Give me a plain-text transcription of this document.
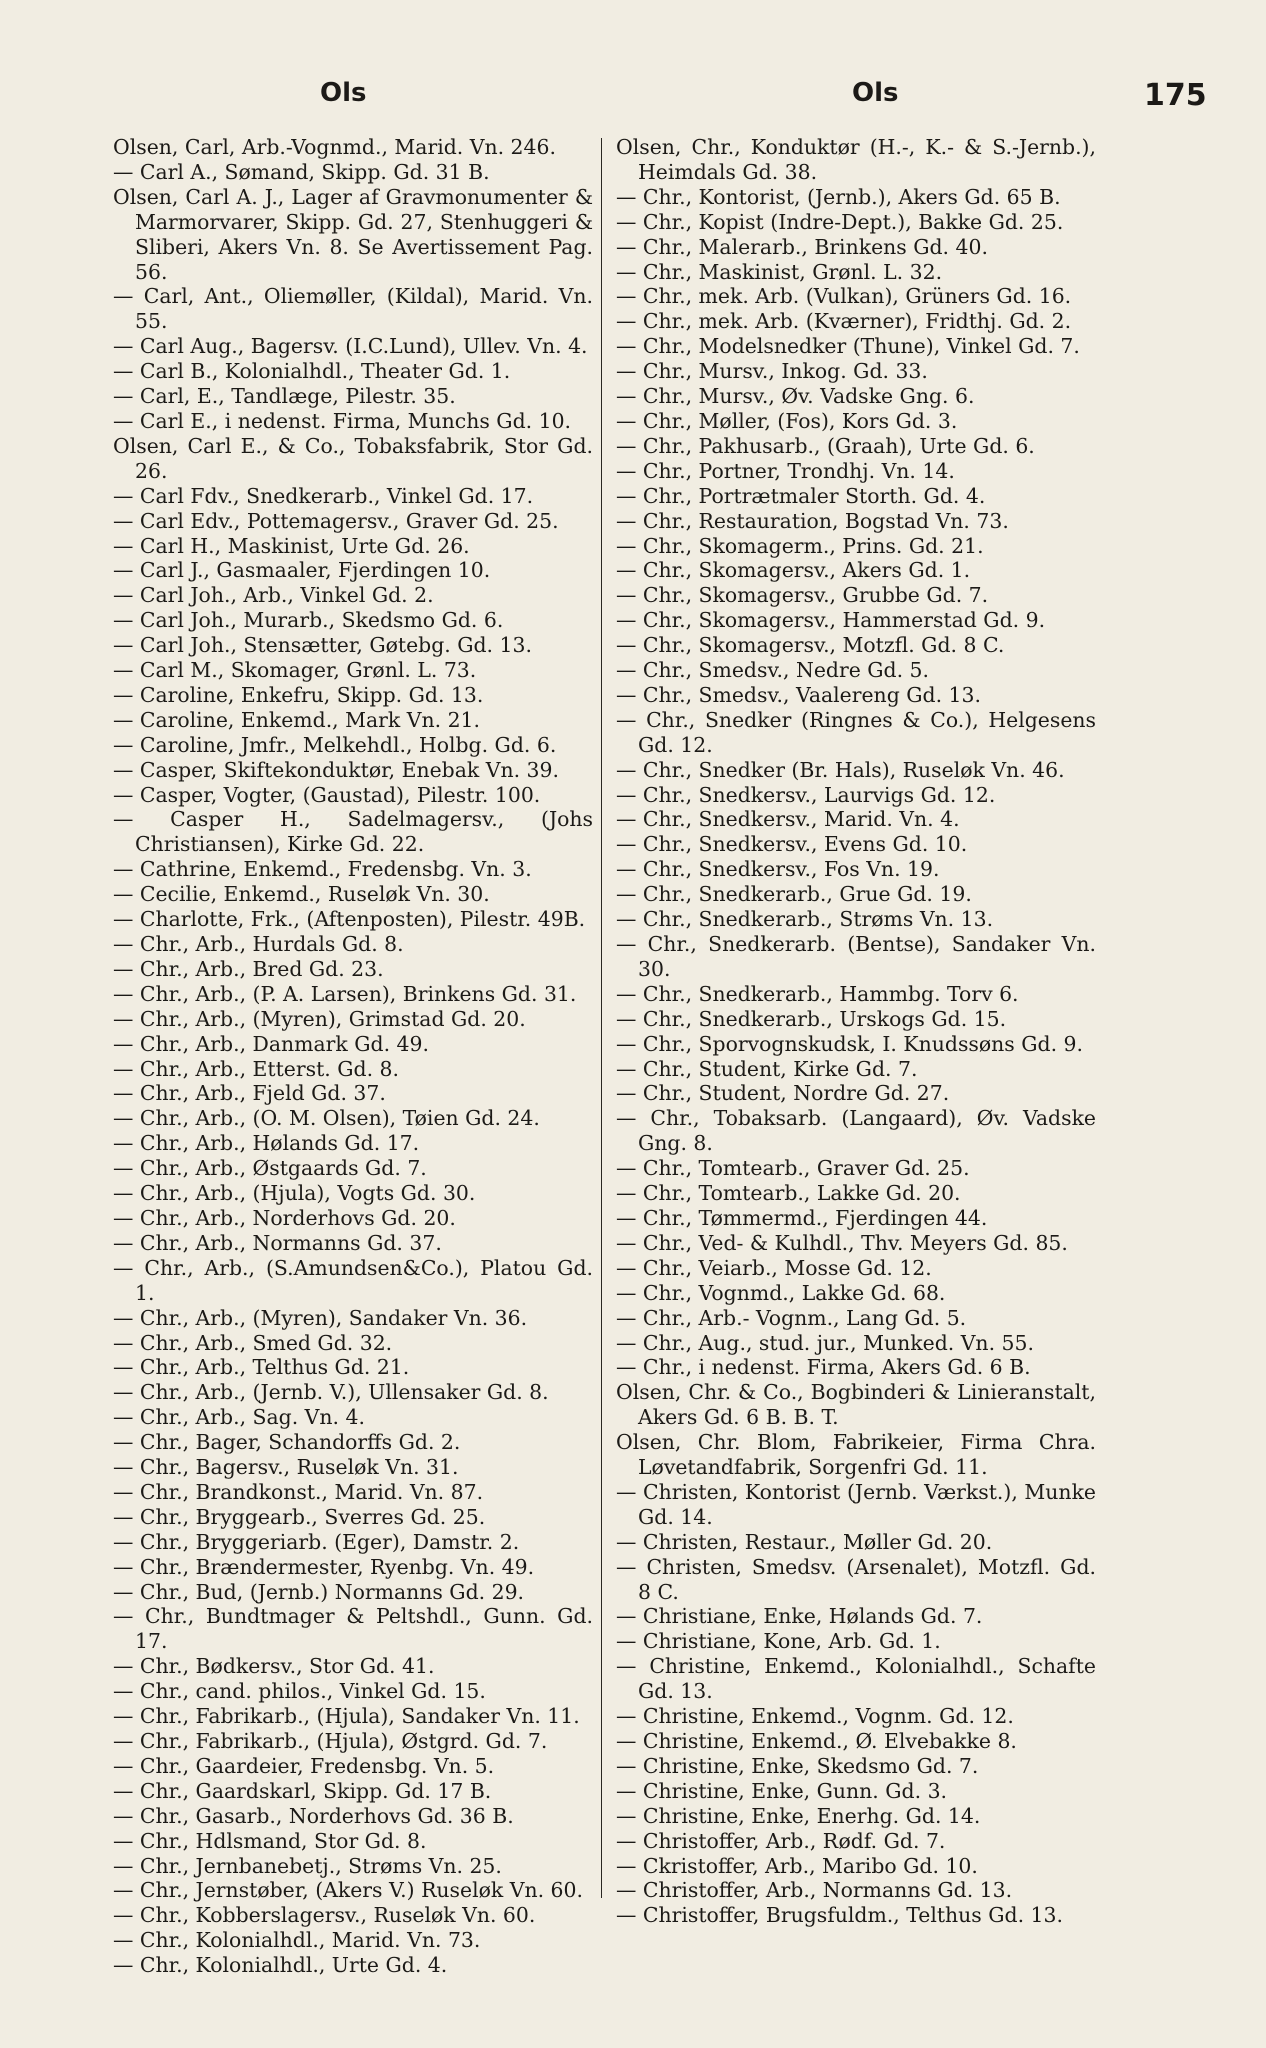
Ols	Ols	175
Olsen, Carl, Arb.-Vognmd., Marid. Vn. 246.
— Carl A., Sømand, Skipp. Gd. 31 B.
Olsen, Carl A. J., Lager af Gravmonumenter & Marmorvarer, Skipp. Gd. 27, Stenhuggeri & Sliberi, Akers Vn. 8. Se Avertissement Pag. 56.
— Carl, Ant., Oliemøller, (Kildal), Marid. Vn. 55.
— Carl Aug., Bagersv. (I.C.Lund), Ullev. Vn. 4.
— Carl B., Kolonialhdl., Theater Gd. 1.
— Carl, E., Tandlæge, Pilestr. 35.
— Carl E., i nedenst. Firma, Munchs Gd. 10.
Olsen, Carl E., & Co., Tobaksfabrik, Stor Gd. 26.
— Carl Fdv., Snedkerarb., Vinkel Gd. 17.
— Carl Edv., Pottemagersv., Graver Gd. 25.
— Carl H., Maskinist, Urte Gd. 26.
— Carl J., Gasmaaler, Fjerdingen 10.
— Carl Joh., Arb., Vinkel Gd. 2.
— Carl Joh., Murarb., Skedsmo Gd. 6.
— Carl Joh., Stensætter, Gøtebg. Gd. 13.
— Carl M., Skomager, Grønl. L. 73.
— Caroline, Enkefru, Skipp. Gd. 13.
— Caroline, Enkemd., Mark Vn. 21.
— Caroline, Jmfr., Melkehdl., Holbg. Gd. 6.
— Casper, Skiftekonduktør, Enebak Vn. 39.
— Casper, Vogter, (Gaustad), Pilestr. 100.
— Casper H., Sadelmagersv., (Johs Christiansen), Kirke Gd. 22.
— Cathrine, Enkemd., Fredensbg. Vn. 3.
— Cecilie, Enkemd., Ruseløk Vn. 30.
— Charlotte, Frk., (Aftenposten), Pilestr. 49B.
— Chr., Arb., Hurdals Gd. 8.
— Chr., Arb., Bred Gd. 23.
— Chr., Arb., (P. A. Larsen), Brinkens Gd. 31.
— Chr., Arb., (Myren), Grimstad Gd. 20.
— Chr., Arb., Danmark Gd. 49.
— Chr., Arb., Etterst. Gd. 8.
— Chr., Arb., Fjeld Gd. 37.
— Chr., Arb., (O. M. Olsen), Tøien Gd. 24.
— Chr., Arb., Hølands Gd. 17.
— Chr., Arb., Østgaards Gd. 7.
— Chr., Arb., (Hjula), Vogts Gd. 30.
— Chr., Arb., Norderhovs Gd. 20.
— Chr., Arb., Normanns Gd. 37.
— Chr., Arb., (S.Amundsen&Co.), Platou Gd. 1.
— Chr., Arb., (Myren), Sandaker Vn. 36.
— Chr., Arb., Smed Gd. 32.
— Chr., Arb., Telthus Gd. 21.
— Chr., Arb., (Jernb. V.), Ullensaker Gd. 8.
— Chr., Arb., Sag. Vn. 4.
— Chr., Bager, Schandorffs Gd. 2.
— Chr., Bagersv., Ruseløk Vn. 31.
— Chr., Brandkonst., Marid. Vn. 87.
— Chr., Bryggearb., Sverres Gd. 25.
— Chr., Bryggeriarb. (Eger), Damstr. 2.
— Chr., Brændermester, Ryenbg. Vn. 49.
— Chr., Bud, (Jernb.) Normanns Gd. 29.
— Chr., Bundtmager & Peltshdl., Gunn. Gd. 17.
— Chr., Bødkersv., Stor Gd. 41.
— Chr., cand. philos., Vinkel Gd. 15.
— Chr., Fabrikarb., (Hjula), Sandaker Vn. 11.
— Chr., Fabrikarb., (Hjula), Østgrd. Gd. 7.
— Chr., Gaardeier, Fredensbg. Vn. 5.
— Chr., Gaardskarl, Skipp. Gd. 17 B.
— Chr., Gasarb., Norderhovs Gd. 36 B.
— Chr., Hdlsmand, Stor Gd. 8.
— Chr., Jernbanebetj., Strøms Vn. 25.
— Chr., Jernstøber, (Akers V.) Ruseløk Vn. 60.
— Chr., Kobberslagersv., Ruseløk Vn. 60.
— Chr., Kolonialhdl., Marid. Vn. 73.
— Chr., Kolonialhdl., Urte Gd. 4.
Olsen, Chr., Konduktør (H.-, K.- & S.-Jernb.), Heimdals Gd. 38.
— Chr., Kontorist, (Jernb.), Akers Gd. 65 B.
— Chr., Kopist (Indre-Dept.), Bakke Gd. 25.
— Chr., Malerarb., Brinkens Gd. 40.
— Chr., Maskinist, Grønl. L. 32.
— Chr., mek. Arb. (Vulkan), Grüners Gd. 16.
— Chr., mek. Arb. (Kværner), Fridthj. Gd. 2.
— Chr., Modelsnedker (Thune), Vinkel Gd. 7.
— Chr., Mursv., Inkog. Gd. 33.
— Chr., Mursv., Øv. Vadske Gng. 6.
— Chr., Møller, (Fos), Kors Gd. 3.
— Chr., Pakhusarb., (Graah), Urte Gd. 6.
— Chr., Portner, Trondhj. Vn. 14.
— Chr., Portrætmaler Storth. Gd. 4.
— Chr., Restauration, Bogstad Vn. 73.
— Chr., Skomagerm., Prins. Gd. 21.
— Chr., Skomagersv., Akers Gd. 1.
— Chr., Skomagersv., Grubbe Gd. 7.
— Chr., Skomagersv., Hammerstad Gd. 9.
— Chr., Skomagersv., Motzfl. Gd. 8 C.
— Chr., Smedsv., Nedre Gd. 5.
— Chr., Smedsv., Vaalereng Gd. 13.
— Chr., Snedker (Ringnes & Co.), Helgesens Gd. 12.
— Chr., Snedker (Br. Hals), Ruseløk Vn. 46.
— Chr., Snedkersv., Laurvigs Gd. 12.
— Chr., Snedkersv., Marid. Vn. 4.
— Chr., Snedkersv., Evens Gd. 10.
— Chr., Snedkersv., Fos Vn. 19.
— Chr., Snedkerarb., Grue Gd. 19.
— Chr., Snedkerarb., Strøms Vn. 13.
— Chr., Snedkerarb. (Bentse), Sandaker Vn. 30.
— Chr., Snedkerarb., Hammbg. Torv 6.
— Chr., Snedkerarb., Urskogs Gd. 15.
— Chr., Sporvognskudsk, I. Knudssøns Gd. 9.
— Chr., Student, Kirke Gd. 7.
— Chr., Student, Nordre Gd. 27.
— Chr., Tobaksarb. (Langaard), Øv. Vadske Gng. 8.
— Chr., Tomtearb., Graver Gd. 25.
— Chr., Tomtearb., Lakke Gd. 20.
— Chr., Tømmermd., Fjerdingen 44.
— Chr., Ved- & Kulhdl., Thv. Meyers Gd. 85.
— Chr., Veiarb., Mosse Gd. 12.
— Chr., Vognmd., Lakke Gd. 68.
— Chr., Arb.- Vognm., Lang Gd. 5.
— Chr., Aug., stud. jur., Munked. Vn. 55.
— Chr., i nedenst. Firma, Akers Gd. 6 B.
Olsen, Chr. & Co., Bogbinderi & Linieranstalt, Akers Gd. 6 B. B. T.
Olsen, Chr. Blom, Fabrikeier, Firma Chra. Løvetandfabrik, Sorgenfri Gd. 11.
— Christen, Kontorist (Jernb. Værkst.), Munke Gd. 14.
— Christen, Restaur., Møller Gd. 20.
— Christen, Smedsv. (Arsenalet), Motzfl. Gd. 8 C.
— Christiane, Enke, Hølands Gd. 7.
— Christiane, Kone, Arb. Gd. 1.
— Christine, Enkemd., Kolonialhdl., Schafte Gd. 13.
— Christine, Enkemd., Vognm. Gd. 12.
— Christine, Enkemd., Ø. Elvebakke 8.
— Christine, Enke, Skedsmo Gd. 7.
— Christine, Enke, Gunn. Gd. 3.
— Christine, Enke, Enerhg. Gd. 14.
— Christoffer, Arb., Rødf. Gd. 7.
— Ckristoffer, Arb., Maribo Gd. 10.
— Christoffer, Arb., Normanns Gd. 13.
— Christoffer, Brugsfuldm., Telthus Gd. 13.
